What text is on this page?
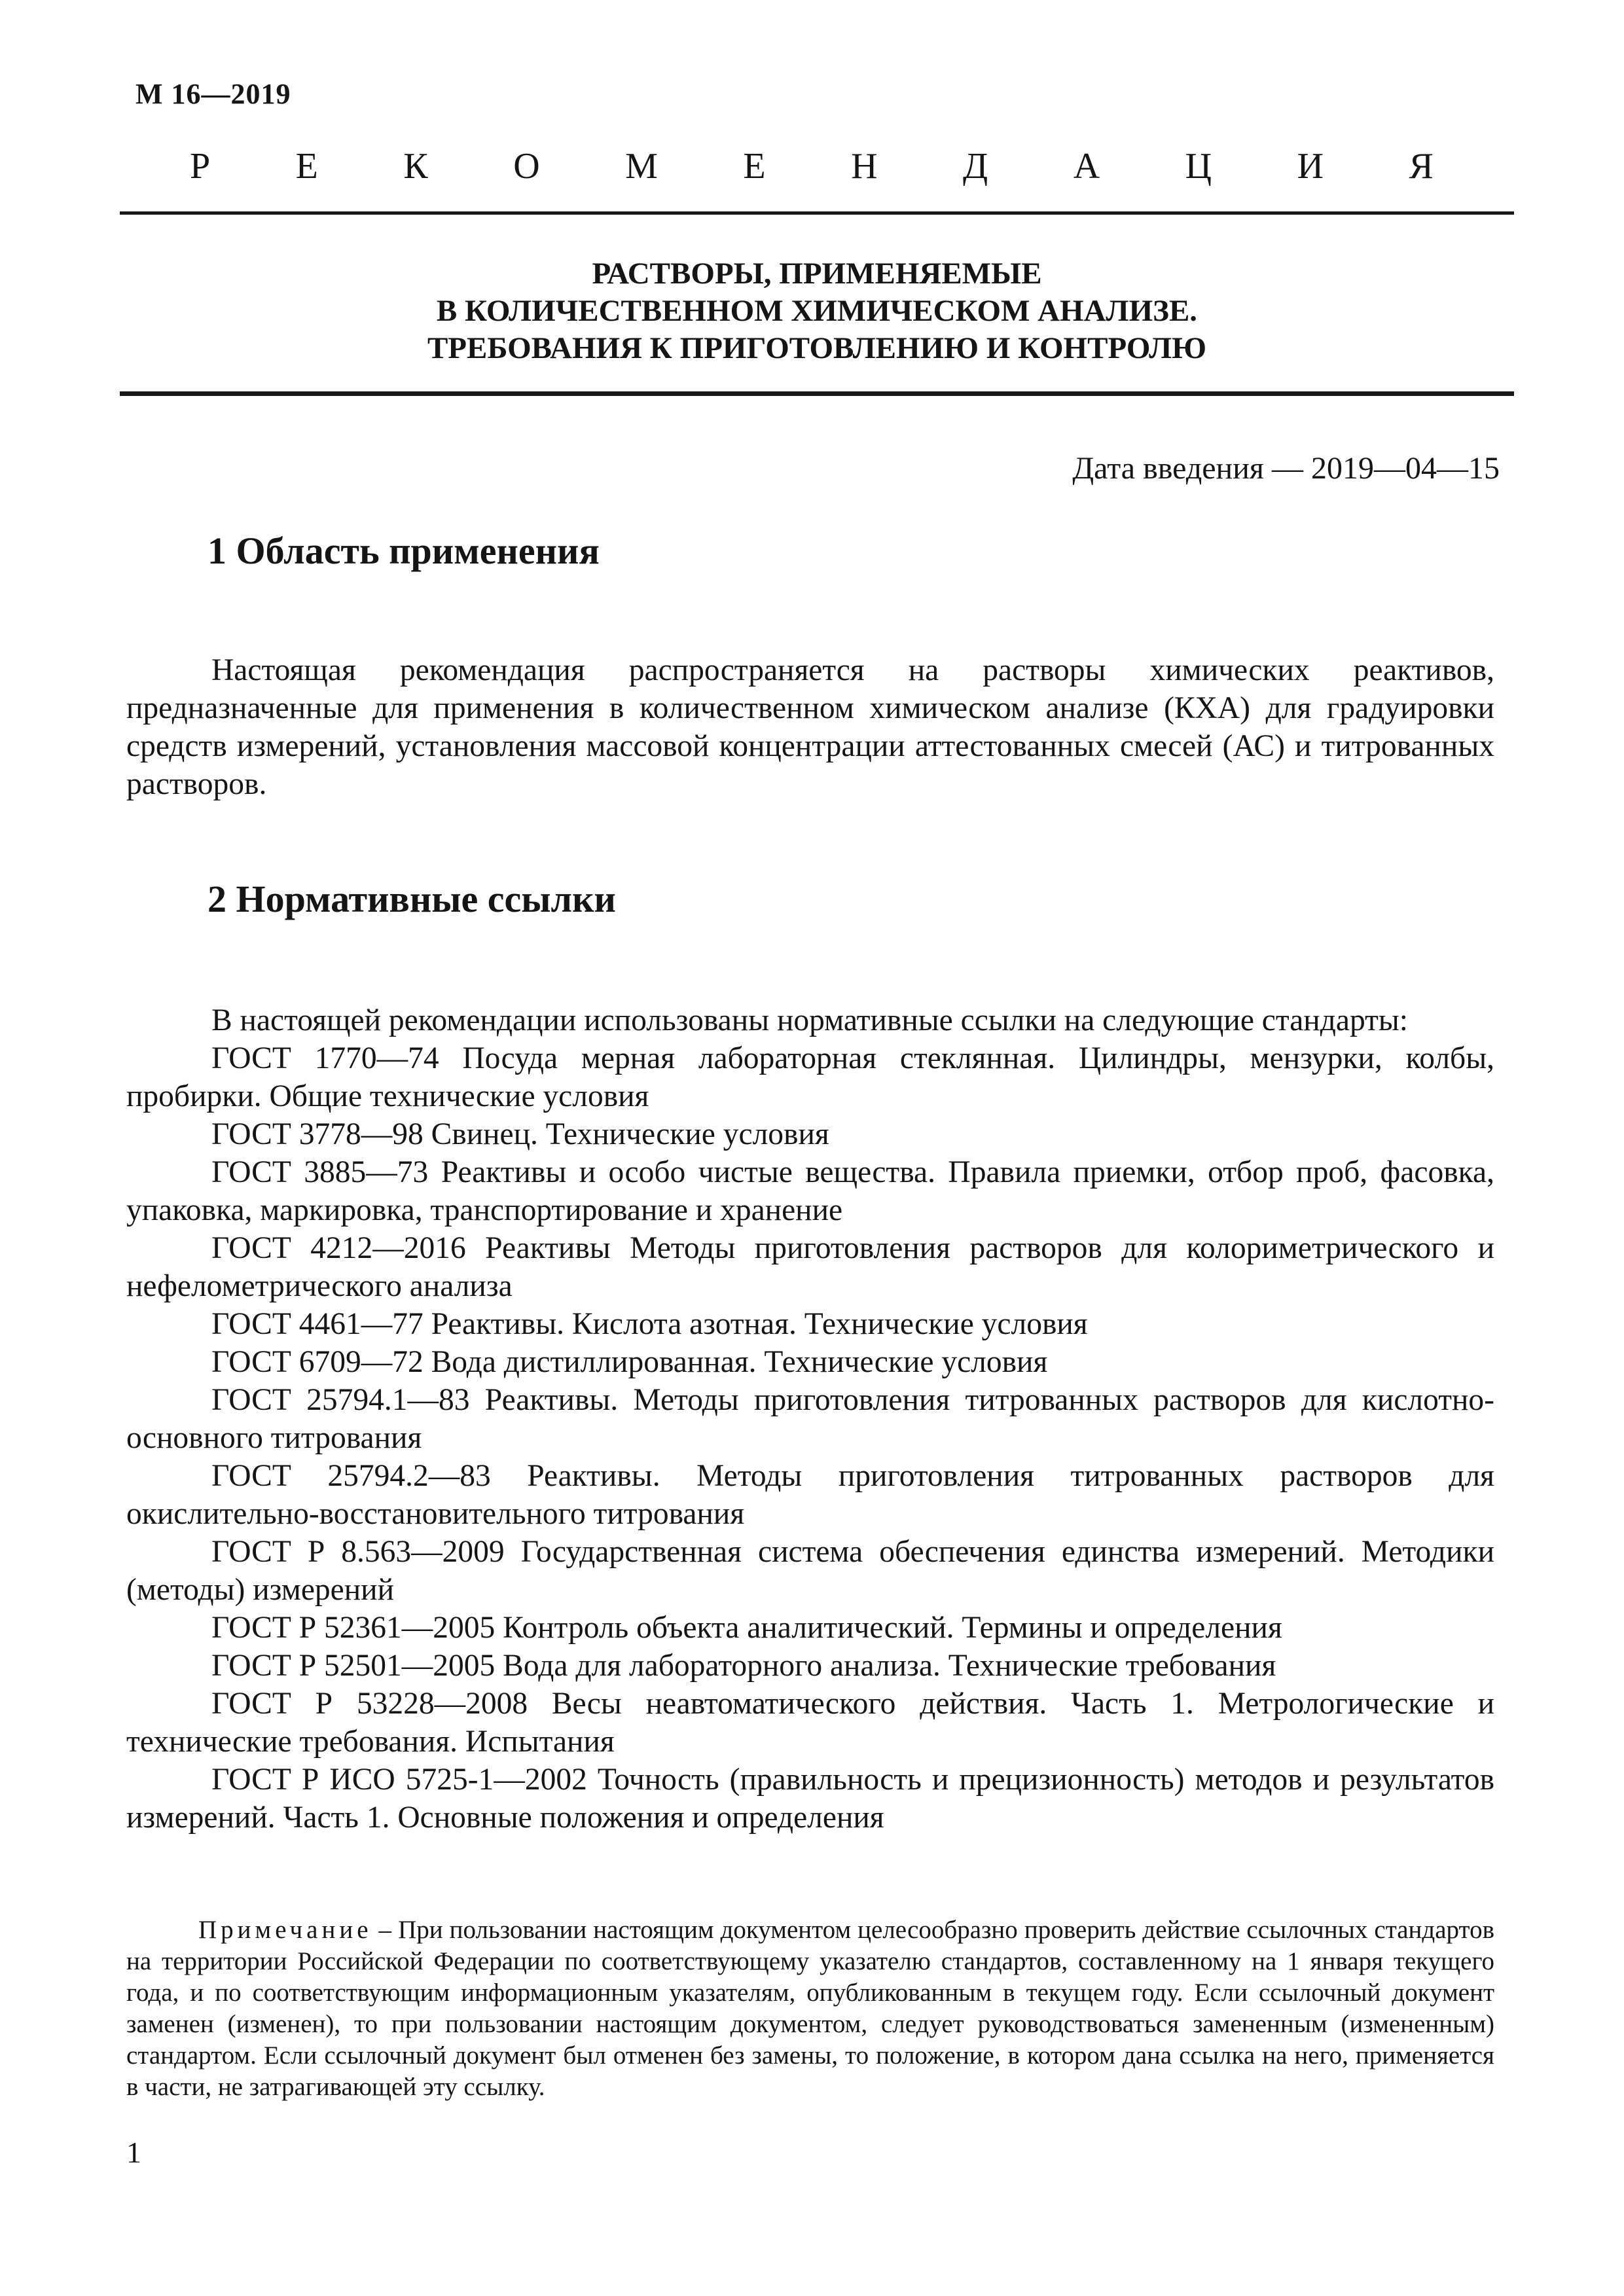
М 16—2019
Р Е К О М Е Н Д А Ц И Я
РАСТВОРЫ, ПРИМЕНЯЕМЫЕ
В КОЛИЧЕСТВЕННОМ ХИМИЧЕСКОМ АНАЛИЗЕ.
ТРЕБОВАНИЯ К ПРИГОТОВЛЕНИЮ И КОНТРОЛЮ
Дата введения — 2019—04—15
1 Область применения

Настоящая рекомендация распространяется на растворы химических реактивов, предназначенные для применения в количественном химическом анализе (КХА) для градуировки средств измерений, установления массовой концентрации аттестованных смесей (АС) и титрованных растворов.

2 Нормативные ссылки

В настоящей рекомендации использованы нормативные ссылки на следующие стандарты:

ГОСТ 1770—74 Посуда мерная лабораторная стеклянная. Цилиндры, мензурки, колбы, пробирки. Общие технические условия

ГОСТ 3778—98 Свинец. Технические условия

ГОСТ 3885—73 Реактивы и особо чистые вещества. Правила приемки, отбор проб, фасовка, упаковка, маркировка, транспортирование и хранение

ГОСТ 4212—2016 Реактивы Методы приготовления растворов для колориметрического и нефелометрического анализа

ГОСТ 4461—77 Реактивы. Кислота азотная. Технические условия

ГОСТ 6709—72 Вода дистиллированная. Технические условия

ГОСТ 25794.1—83 Реактивы. Методы приготовления титрованных растворов для кислотно-основного титрования

ГОСТ 25794.2—83 Реактивы. Методы приготовления титрованных растворов для окислительно-восстановительного титрования

ГОСТ Р 8.563—2009 Государственная система обеспечения единства измерений. Методики (методы) измерений

ГОСТ Р 52361—2005 Контроль объекта аналитический. Термины и определения

ГОСТ Р 52501—2005 Вода для лабораторного анализа. Технические требования

ГОСТ Р 53228—2008 Весы неавтоматического действия. Часть 1. Метрологические и технические требования. Испытания

ГОСТ Р ИСО 5725-1—2002 Точность (правильность и прецизионность) методов и результатов измерений. Часть 1. Основные положения и определения

Примечание – При пользовании настоящим документом целесообразно проверить действие ссылочных стандартов на территории Российской Федерации по соответствующему указателю стандартов, составленному на 1 января текущего года, и по соответствующим информационным указателям, опубликованным в текущем году. Если ссылочный документ заменен (изменен), то при пользовании настоящим документом, следует руководствоваться замененным (измененным) стандартом. Если ссылочный документ был отменен без замены, то положение, в котором дана ссылка на него, применяется в части, не затрагивающей эту ссылку.

1
